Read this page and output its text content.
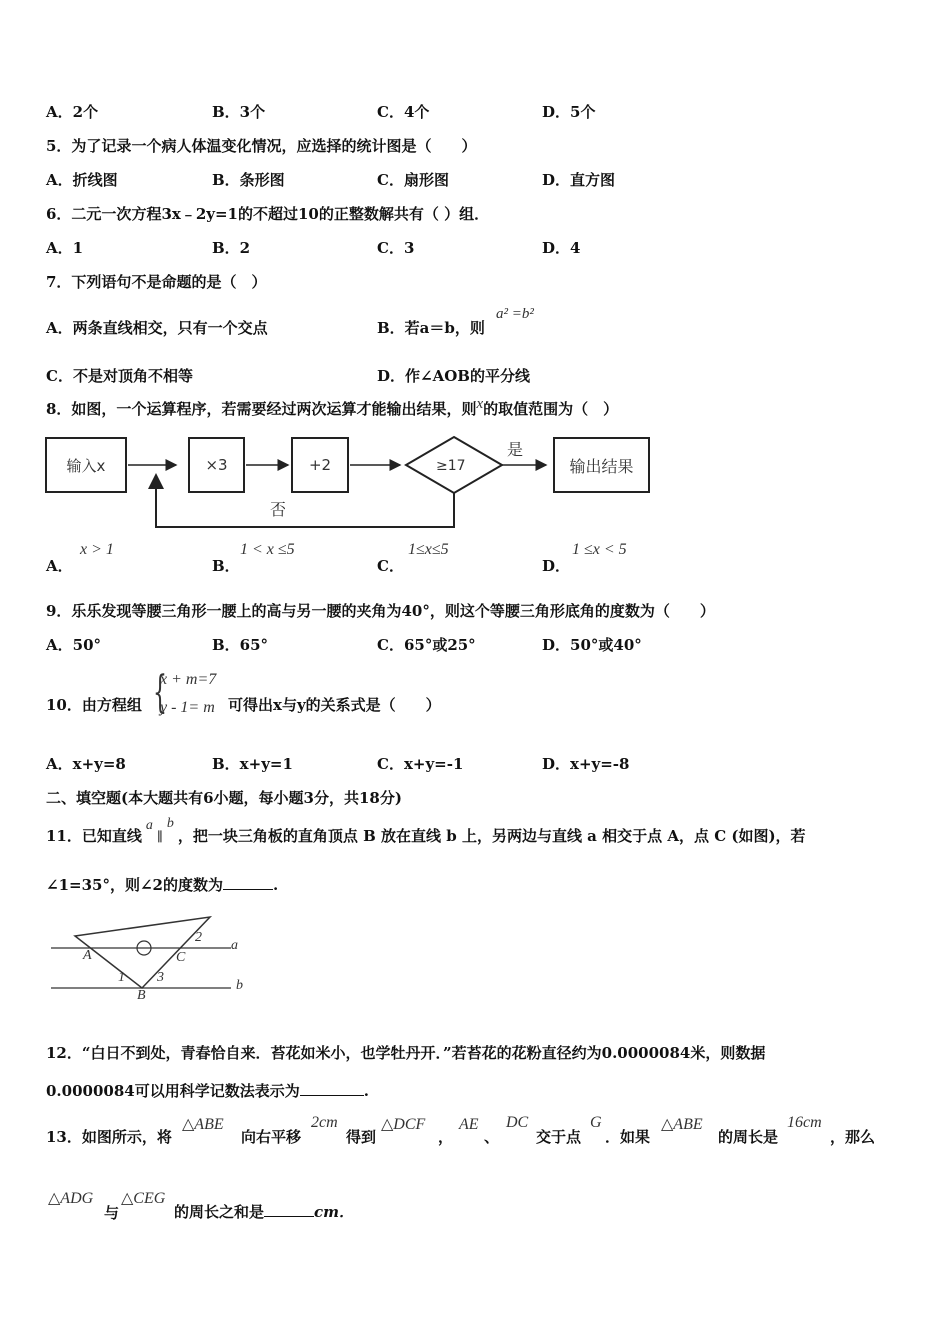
A．2个	B．3个	C．4个	D．5个
5．为了记录一个病人体温变化情况，应选择的统计图是（　　）
A．折线图	B．条形图	C．扇形图	D．直方图
6．二元一次方程3x﹣2y=1的不超过10的正整数解共有（ ）组．
A．1	B．2	C．3	D．4
7．下列语句不是命题的是（　）
A．两条直线相交，只有一个交点	B．若a＝b，则
a² =b²
C．不是对顶角不相等	D．作∠AOB的平分线
8．如图，一个运算程序，若需要经过两次运算才能输出结果，则x的取值范围为（　）
输入x	×3	+2	≥17
是
否
输出结果
A．
x > 1
B．
1 < x ≤5
C．
1≤x≤5
D．
1 ≤x < 5
9．乐乐发现等腰三角形一腰上的高与另一腰的夹角为40°，则这个等腰三角形底角的度数为（　　）
A．50°	B．65°	C．65°或25°	D．50°或40°
10．由方程组 {
x + m=7
y - 1= m 可得出x与y的关系式是（　　）
A．x+y=8	B．x+y=1	C．x+y=-1	D．x+y=-8
二、填空题(本大题共有6小题，每小题3分，共18分)
11．已知直线a∥b，把一块三角板的直角顶点 B 放在直线 b 上，另两边与直线 a 相交于点 A，点 C (如图)，若
∠1=35°，则∠2的度数为	.
A
B
C
1
2
3
a
b
12．“白日不到处，青春恰自来．苔花如米小，也学牡丹开．”若苔花的花粉直径约为0.0000084米，则数据
0.0000084可以用科学记数法表示为	.
13．如图所示，将
△ABE
向右平移
2cm
得到
△DCF
，
AE
、
DC
交于点
G
．如果
△ABE
的周长是
16cm
，那么
△ADG
与
△CEG
的周长之和是	cm．
